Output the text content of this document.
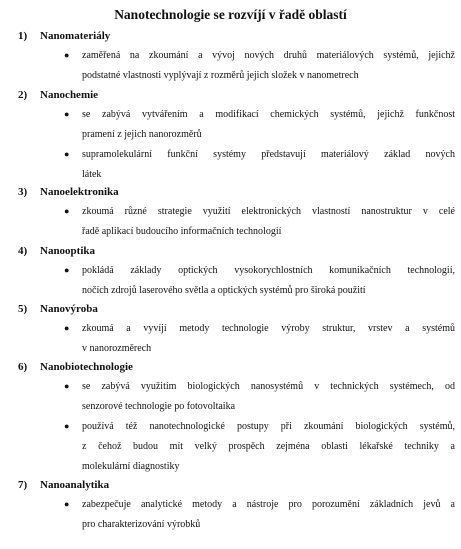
Nanotechnologie se rozvíjí v řadě oblastí
1) Nanomateriály
●	zaměřená na zkoumání a vývoj nových druhů materiálových systémů, jejichž
podstatné vlastnosti vyplývají z rozměrů jejich složek v nanometrech
2) Nanochemie
●	se zabývá vytvářením a modifikací chemických systémů, jejichž funkčnost
pramení z jejich nanorozměrů
●	supramolekulární funkční systémy představují materiálový základ nových
látek
3) Nanoelektronika
●	zkoumá různé strategie využití elektronických vlastností nanostruktur v celé
řadě aplikací budoucího informačních technologií
4) Nanooptika
●	pokládá základy optických vysokorychlostních komunikačních technologií,
nočích zdrojů laserového světla a optických systémů pro široká použití
5) Nanovýroba
●	zkoumá a vyvíjí metody technologie výroby struktur, vrstev a systémů
v nanorozměrech
6) Nanobiotechnologie
●	se zabývá využitím biologických nanosystémů v technických systémech, od
senzorové technologie po fotovoltaika
●	používá též nanotechnologické postupy při zkoumání biologických systémů,
z čehož budou mít velký prospěch zejména oblasti lékařské techniky a
molekulární diagnostiky
7) Nanoanalytika
●	zabezpečuje analytické metody a nástroje pro porozumění základních jevů a
pro charakterizování výrobků
